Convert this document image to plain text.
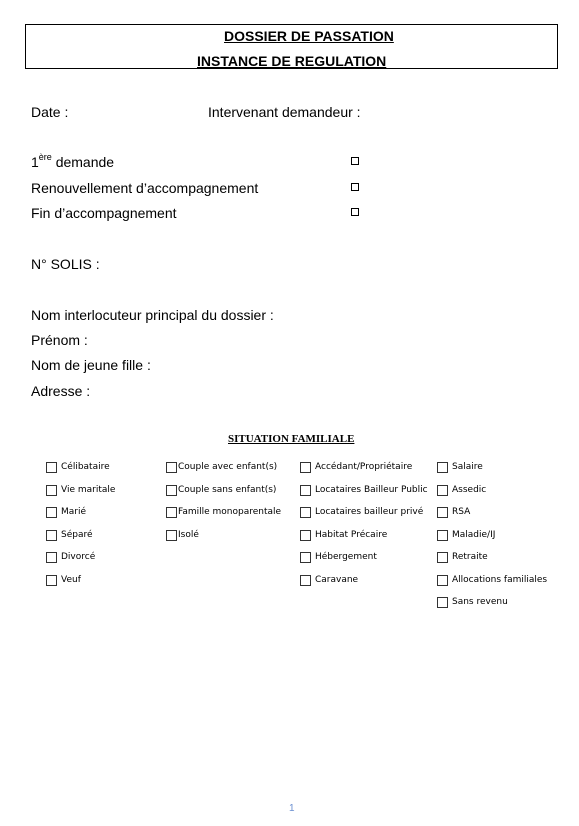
DOSSIER DE PASSATION
INSTANCE DE REGULATION
Date :	Intervenant demandeur :
1ère demande
Renouvellement d’accompagnement
Fin d’accompagnement
N° SOLIS :
Nom interlocuteur principal du dossier :
Prénom :
Nom de jeune fille :
Adresse :
SITUATION FAMILIALE
Célibataire
Vie maritale
Marié
Séparé
Divorcé
Veuf
Couple avec enfant(s)
Couple sans enfant(s)
Famille monoparentale
Isolé
Accédant/Propriétaire
Locataires Bailleur Public
Locataires bailleur privé
Habitat Précaire
Hébergement
Caravane
Salaire
Assedic
RSA
Maladie/IJ
Retraite
Allocations familiales
Sans revenu
1
